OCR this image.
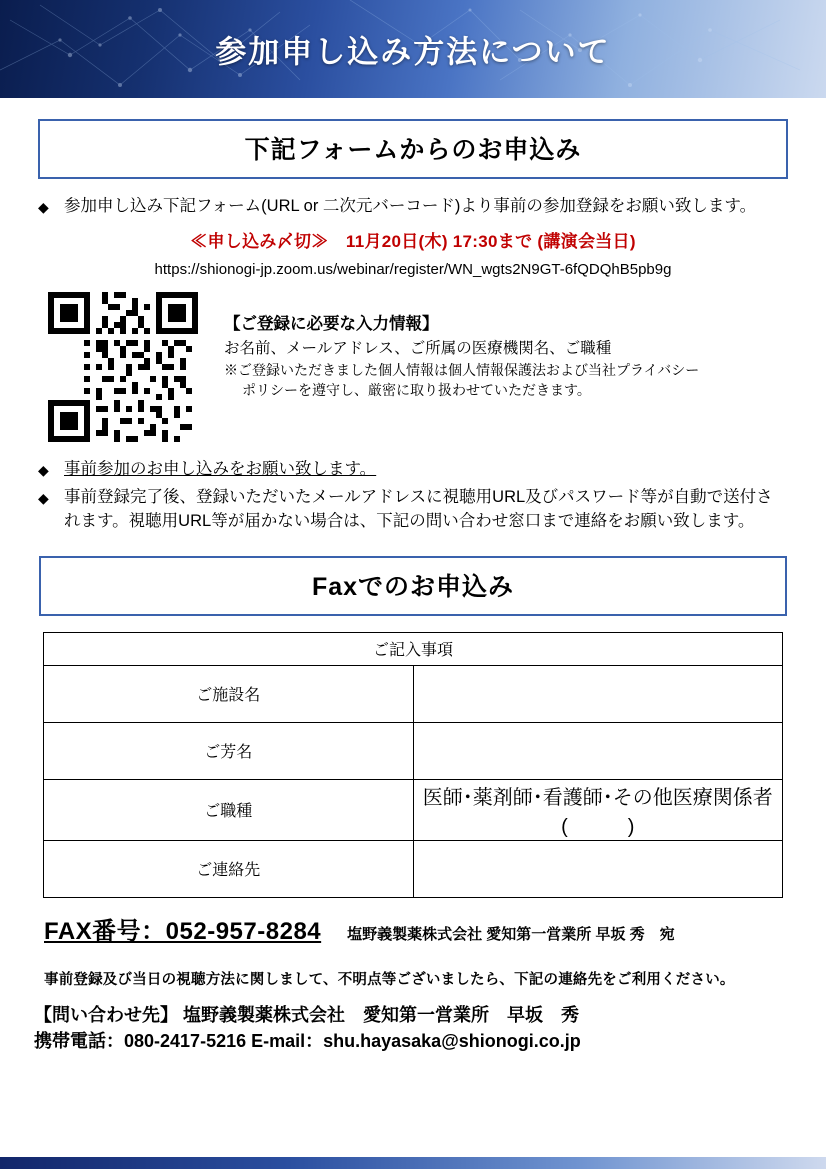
参加申し込み方法について
下記フォームからのお申込み
◆ 参加申し込み下記フォーム(URL or 二次元バーコード)より事前の参加登録をお願い致します。
≪申し込み〆切≫　11月20日(木) 17:30まで (講演会当日)
https://shionogi-jp.zoom.us/webinar/register/WN_wgts2N9GT-6fQDQhB5pb9g
【ご登録に必要な入力情報】
お名前、メールアドレス、ご所属の医療機関名、ご職種
※ご登録いただきました個人情報は個人情報保護法および当社プライバシー
ポリシーを遵守し、厳密に取り扱わせていただきます。
◆ 事前参加のお申し込みをお願い致します。
◆ 事前登録完了後、登録いただいたメールアドレスに視聴用URL及びパスワード等が自動で送付されます。視聴用URL等が届かない場合は、下記の問い合わせ窓口まで連絡をお願い致します。
Faxでのお申込み
ご記入事項	
ご施設名	
ご芳名	
ご職種	医師･薬剤師･看護師･その他医療関係者(　　　)
ご連絡先	
FAX番号：052-957-8284	塩野義製薬株式会社 愛知第一営業所 早坂 秀　宛
事前登録及び当日の視聴方法に関しまして、不明点等ございましたら、下記の連絡先をご利用ください。
【問い合わせ先】 塩野義製薬株式会社　愛知第一営業所　早坂　秀
携帯電話：080-2417-5216 E-mail：shu.hayasaka@shionogi.co.jp
